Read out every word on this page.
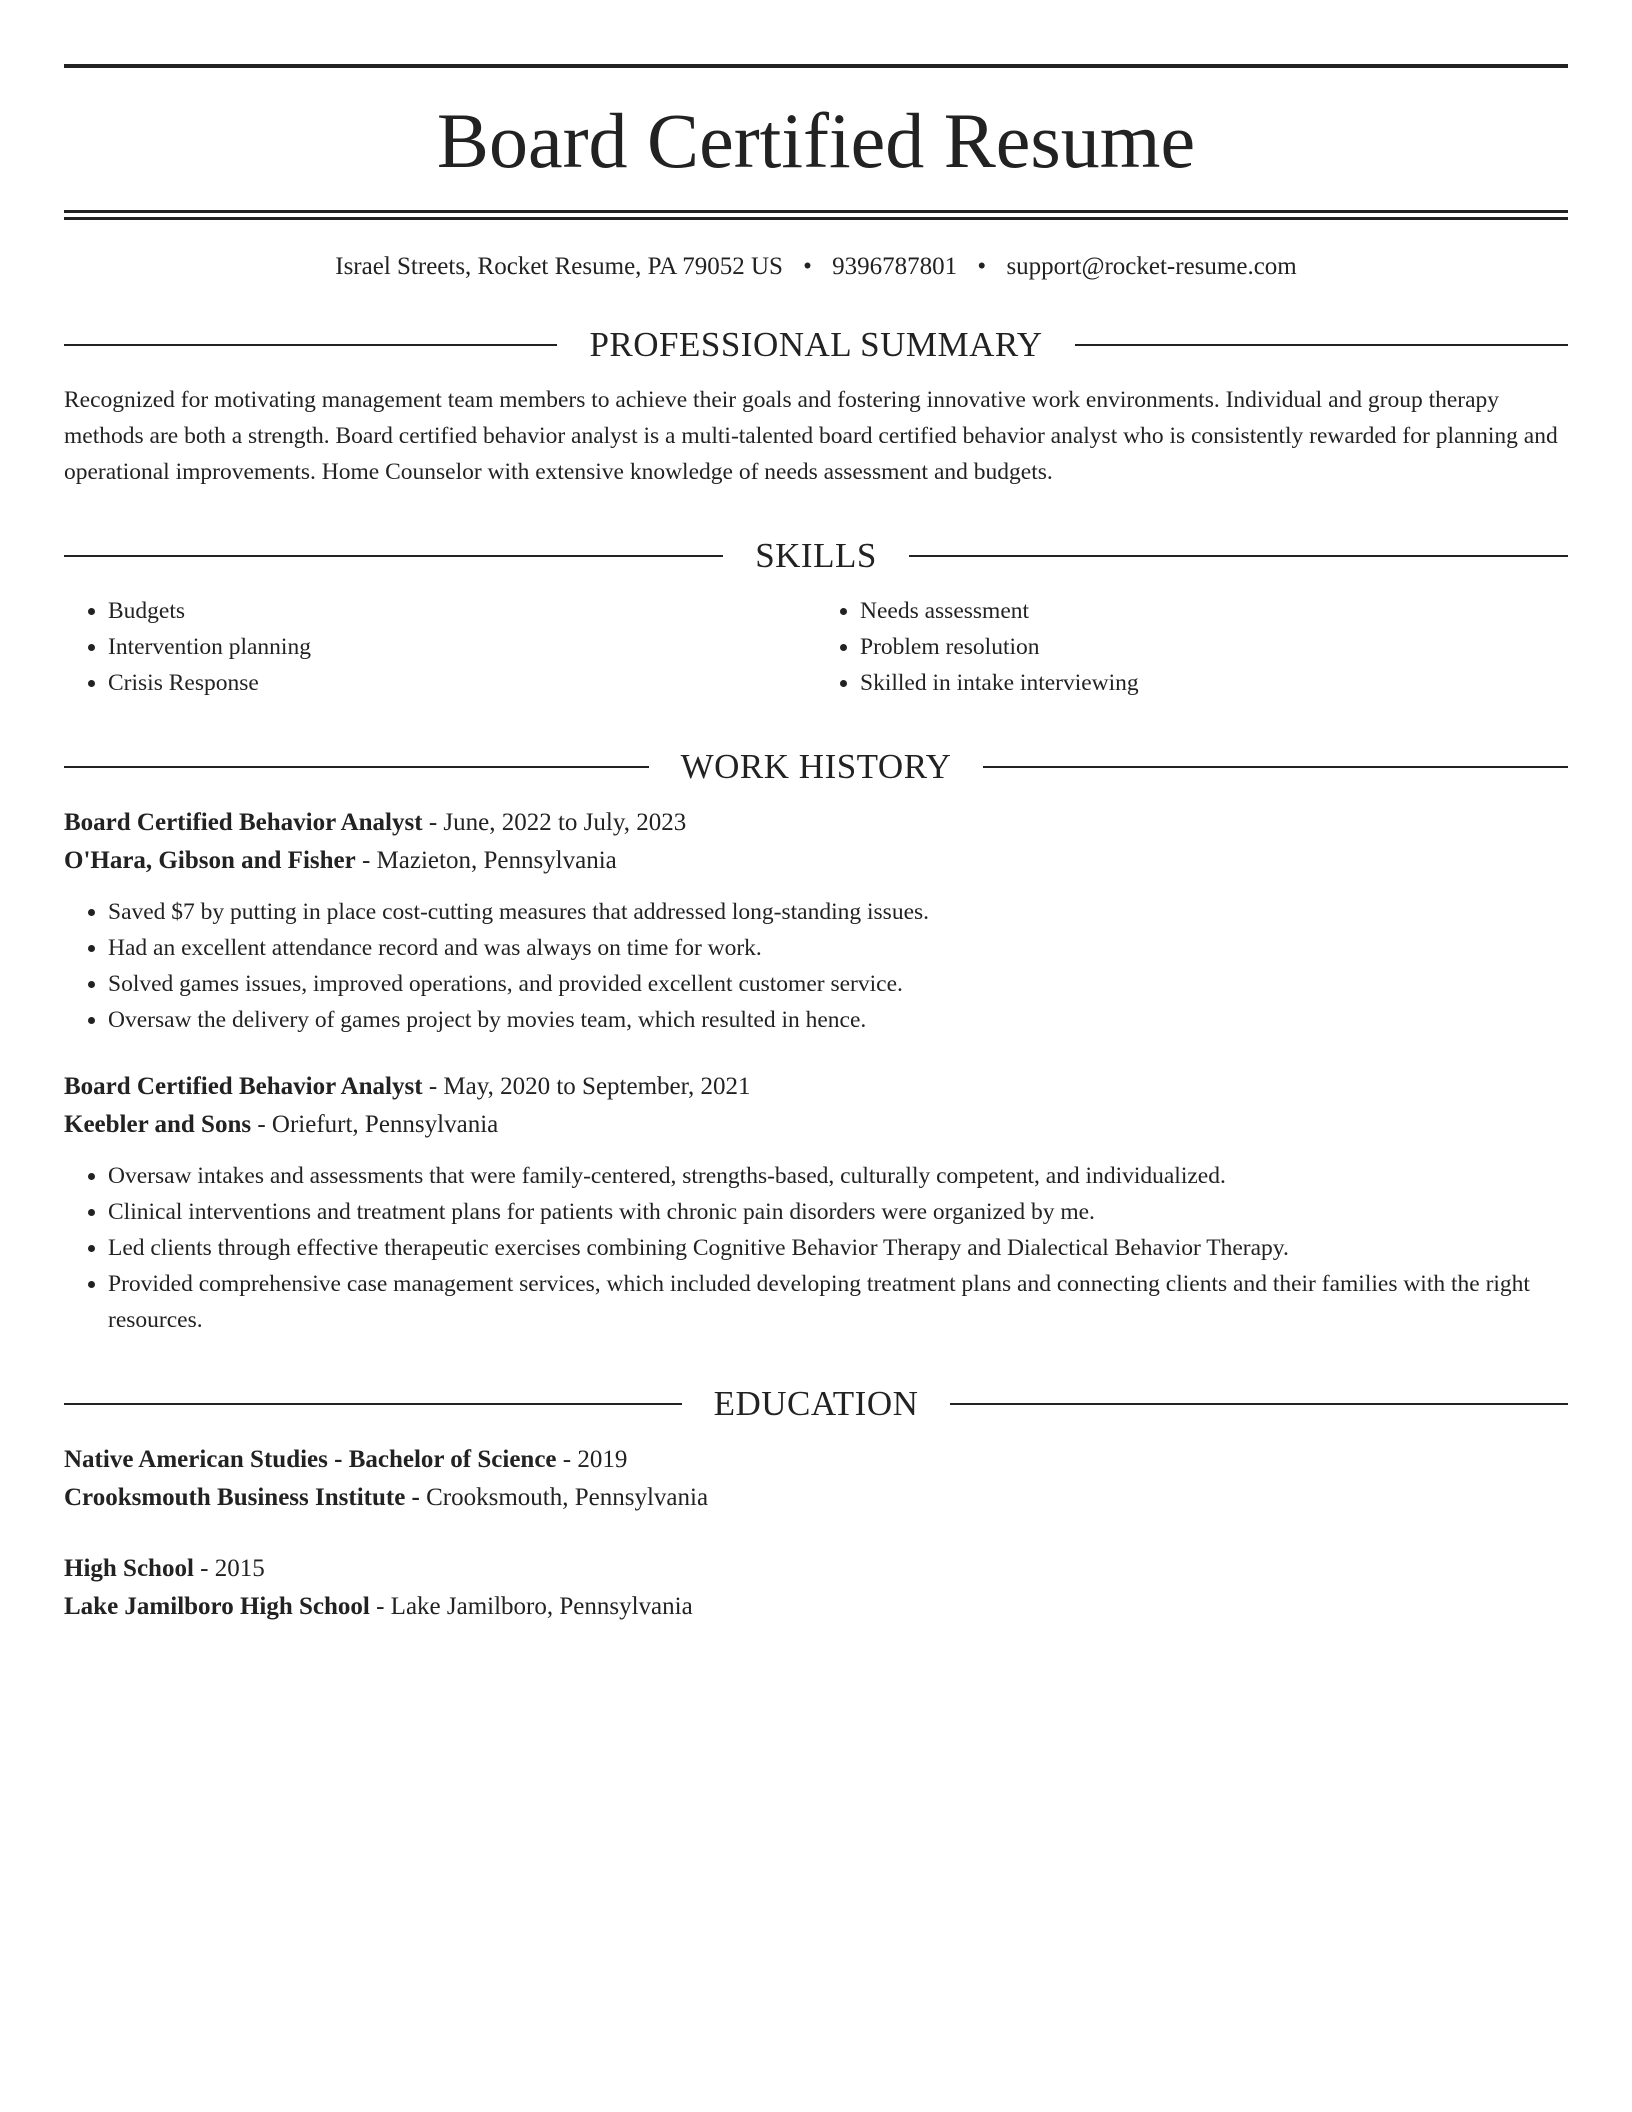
Board Certified Resume
Israel Streets, Rocket Resume, PA 79052 US • 9396787801 • support@rocket-resume.com
PROFESSIONAL SUMMARY

Recognized for motivating management team members to achieve their goals and fostering innovative work environments. Individual and group therapy methods are both a strength. Board certified behavior analyst is a multi-talented board certified behavior analyst who is consistently rewarded for planning and operational improvements. Home Counselor with extensive knowledge of needs assessment and budgets.

SKILLS
• Budgets
• Intervention planning
• Crisis Response
• Needs assessment
• Problem resolution
• Skilled in intake interviewing
WORK HISTORY
Board Certified Behavior Analyst - June, 2022 to July, 2023
O'Hara, Gibson and Fisher - Mazieton, Pennsylvania
• Saved $7 by putting in place cost-cutting measures that addressed long-standing issues.
• Had an excellent attendance record and was always on time for work.
• Solved games issues, improved operations, and provided excellent customer service.
• Oversaw the delivery of games project by movies team, which resulted in hence.
Board Certified Behavior Analyst - May, 2020 to September, 2021
Keebler and Sons - Oriefurt, Pennsylvania
• Oversaw intakes and assessments that were family-centered, strengths-based, culturally competent, and individualized.
• Clinical interventions and treatment plans for patients with chronic pain disorders were organized by me.
• Led clients through effective therapeutic exercises combining Cognitive Behavior Therapy and Dialectical Behavior Therapy.
• Provided comprehensive case management services, which included developing treatment plans and connecting clients and their families with the right resources.
EDUCATION
Native American Studies - Bachelor of Science - 2019
Crooksmouth Business Institute - Crooksmouth, Pennsylvania
High School - 2015
Lake Jamilboro High School - Lake Jamilboro, Pennsylvania
